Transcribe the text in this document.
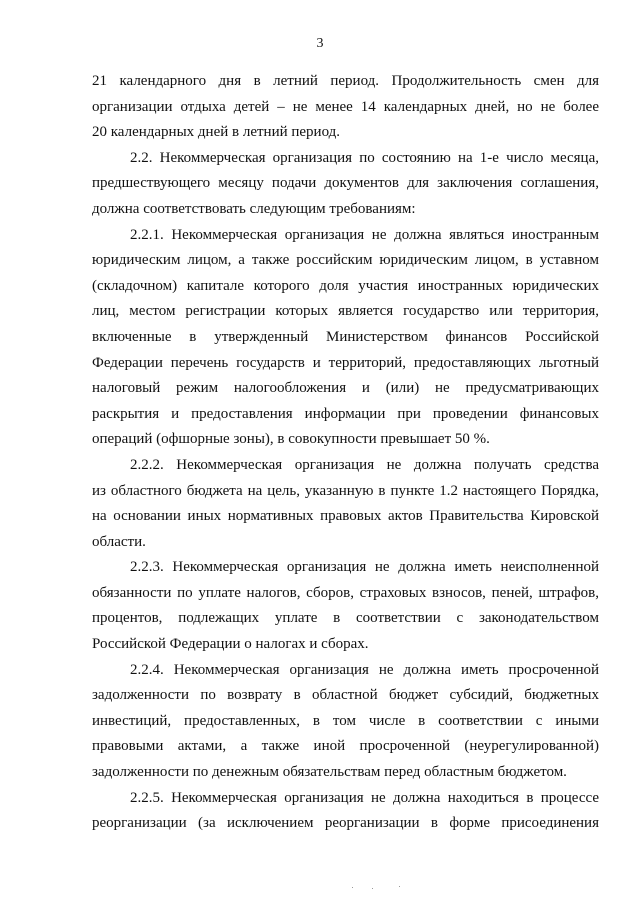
3
21 календарного дня в летний период. Продолжительность смен для
организации отдыха детей – не менее 14 календарных дней, но не более
20 календарных дней в летний период.
2.2. Некоммерческая организация по состоянию на 1-е число месяца,
предшествующего месяцу подачи документов для заключения соглашения,
должна соответствовать следующим требованиям:
2.2.1. Некоммерческая организация не должна являться иностранным
юридическим лицом, а также российским юридическим лицом, в уставном
(складочном) капитале которого доля участия иностранных юридических
лиц, местом регистрации которых является государство или территория,
включенные в утвержденный Министерством финансов Российской
Федерации перечень государств и территорий, предоставляющих льготный
налоговый режим налогообложения и (или) не предусматривающих
раскрытия и предоставления информации при проведении финансовых
операций (офшорные зоны), в совокупности превышает 50 %.
2.2.2. Некоммерческая организация не должна получать средства
из областного бюджета на цель, указанную в пункте 1.2 настоящего Порядка,
на основании иных нормативных правовых актов Правительства Кировской
области.
2.2.3. Некоммерческая организация не должна иметь неисполненной
обязанности по уплате налогов, сборов, страховых взносов, пеней, штрафов,
процентов, подлежащих уплате в соответствии с законодательством
Российской Федерации о налогах и сборах.
2.2.4. Некоммерческая организация не должна иметь просроченной
задолженности по возврату в областной бюджет субсидий, бюджетных
инвестиций, предоставленных, в том числе в соответствии с иными
правовыми актами, а также иной просроченной (неурегулированной)
задолженности по денежным обязательствам перед областным бюджетом.
2.2.5. Некоммерческая организация не должна находиться в процессе
реорганизации (за исключением реорганизации в форме присоединения
